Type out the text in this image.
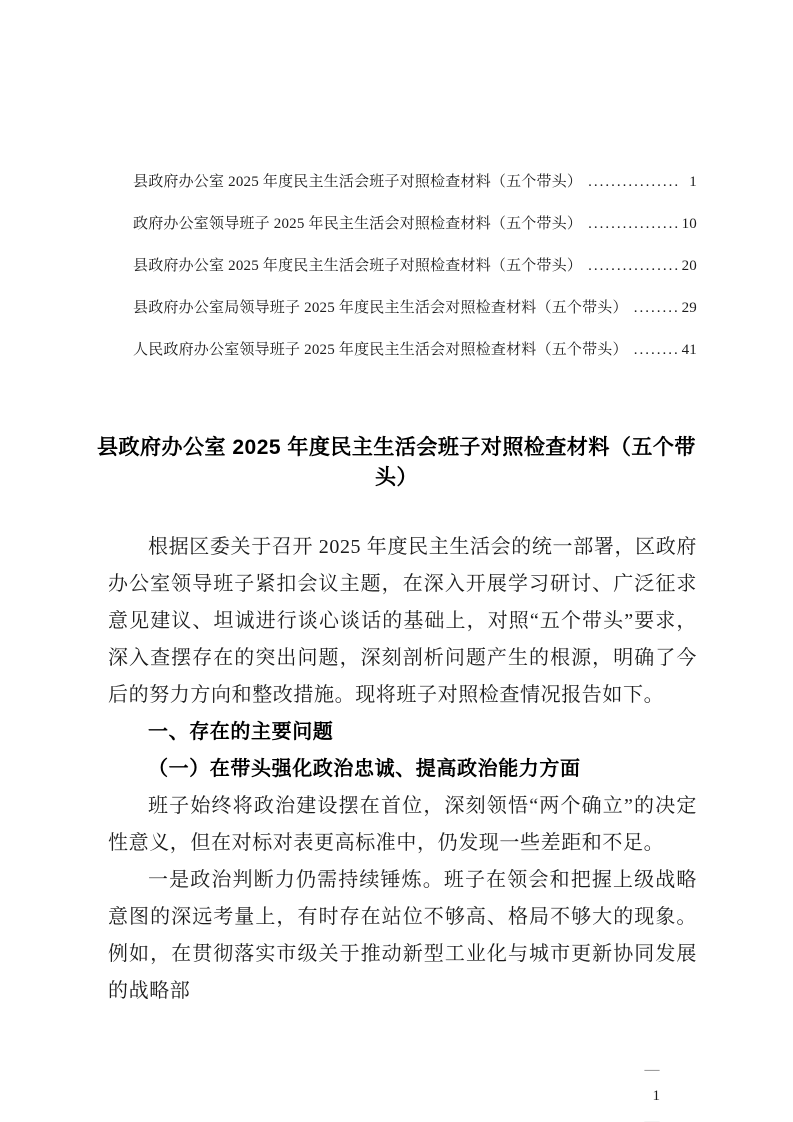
县政府办公室 2025 年度民主生活会班子对照检查材料（五个带头） .....	1
政府办公室领导班子 2025 年民主生活会对照检查材料（五个带头） .....	10
县政府办公室 2025 年度民主生活会班子对照检查材料（五个带头） .....	20
县政府办公室局领导班子 2025 年度民主生活会对照检查材料（五个带头） .....	29
人民政府办公室领导班子 2025 年度民主生活会对照检查材料（五个带头） .....	41
县政府办公室 2025 年度民主生活会班子对照检查材料（五个带头）

根据区委关于召开 2025 年度民主生活会的统一部署，区政府办公室领导班子紧扣会议主题，在深入开展学习研讨、广泛征求意见建议、坦诚进行谈心谈话的基础上，对照“五个带头”要求，深入查摆存在的突出问题，深刻剖析问题产生的根源，明确了今后的努力方向和整改措施。现将班子对照检查情况报告如下。

一、存在的主要问题

（一）在带头强化政治忠诚、提高政治能力方面

班子始终将政治建设摆在首位，深刻领悟“两个确立”的决定性意义，但在对标对表更高标准中，仍发现一些差距和不足。

一是政治判断力仍需持续锤炼。班子在领会和把握上级战略意图的深远考量上，有时存在站位不够高、格局不够大的现象。例如，在贯彻落实市级关于推动新型工业化与城市更新协同发展的战略部

—
1
—
